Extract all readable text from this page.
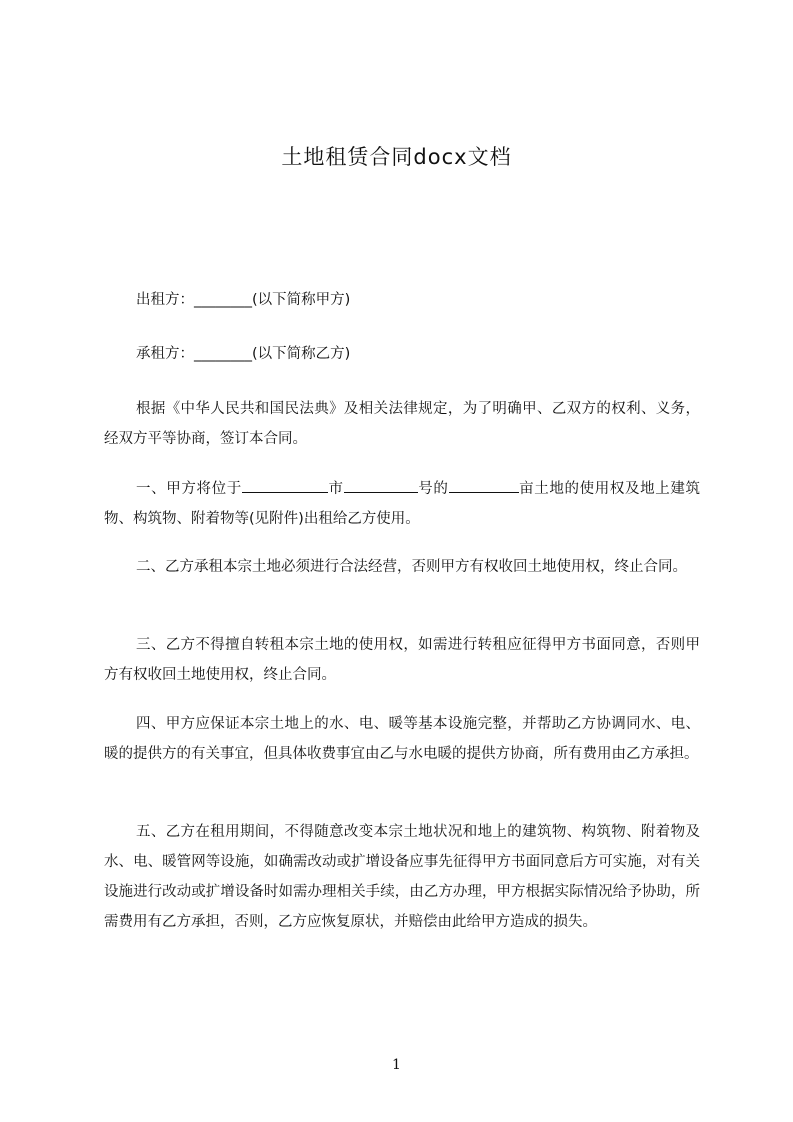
土地租赁合同docx文档
出租方：________(以下简称甲方)
承租方：________(以下简称乙方)
根据《中华人民共和国民法典》及相关法律规定，为了明确甲、乙双方的权利、义务，经双方平等协商，签订本合同。
一、甲方将位于	市	号的	亩土地的使用权及地上建筑物、构筑物、附着物等(见附件)出租给乙方使用。
二、乙方承租本宗土地必须进行合法经营，否则甲方有权收回土地使用权，终止合同。
三、乙方不得擅自转租本宗土地的使用权，如需进行转租应征得甲方书面同意，否则甲方有权收回土地使用权，终止合同。
四、甲方应保证本宗土地上的水、电、暖等基本设施完整，并帮助乙方协调同水、电、暖的提供方的有关事宜，但具体收费事宜由乙与水电暖的提供方协商，所有费用由乙方承担。
五、乙方在租用期间，不得随意改变本宗土地状况和地上的建筑物、构筑物、附着物及水、电、暖管网等设施，如确需改动或扩增设备应事先征得甲方书面同意后方可实施，对有关设施进行改动或扩增设备时如需办理相关手续，由乙方办理，甲方根据实际情况给予协助，所需费用有乙方承担，否则，乙方应恢复原状，并赔偿由此给甲方造成的损失。
1
